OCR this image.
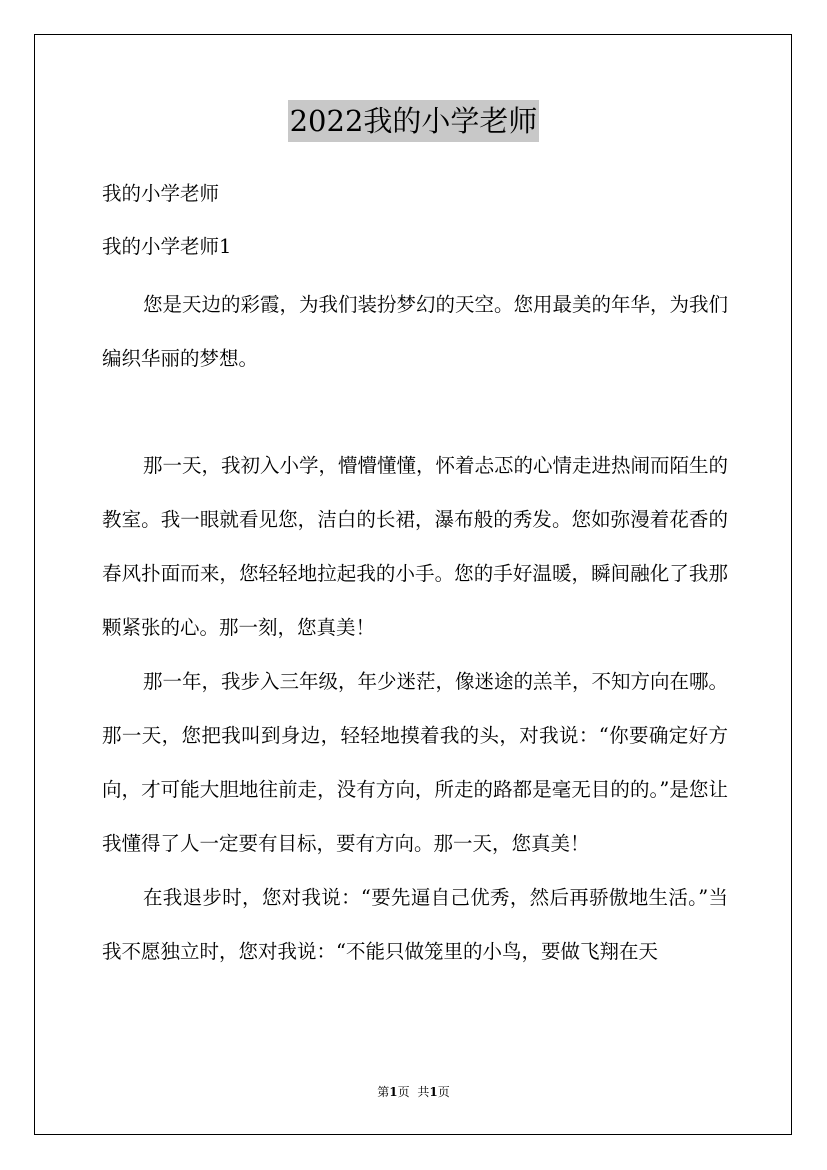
2022我的小学老师
我的小学老师
我的小学老师1

您是天边的彩霞，为我们装扮梦幻的天空。您用最美的年华，为我们编织华丽的梦想。

那一天，我初入小学，懵懵懂懂，怀着忐忑的心情走进热闹而陌生的教室。我一眼就看见您，洁白的长裙，瀑布般的秀发。您如弥漫着花香的春风扑面而来，您轻轻地拉起我的小手。您的手好温暖，瞬间融化了我那颗紧张的心。那一刻，您真美！

那一年，我步入三年级，年少迷茫，像迷途的羔羊，不知方向在哪。那一天，您把我叫到身边，轻轻地摸着我的头，对我说：“你要确定好方向，才可能大胆地往前走，没有方向，所走的路都是毫无目的的。”是您让我懂得了人一定要有目标，要有方向。那一天，您真美！

在我退步时，您对我说：“要先逼自己优秀，然后再骄傲地生活。”当我不愿独立时，您对我说：“不能只做笼里的小鸟，要做飞翔在天

第1页 共1页
